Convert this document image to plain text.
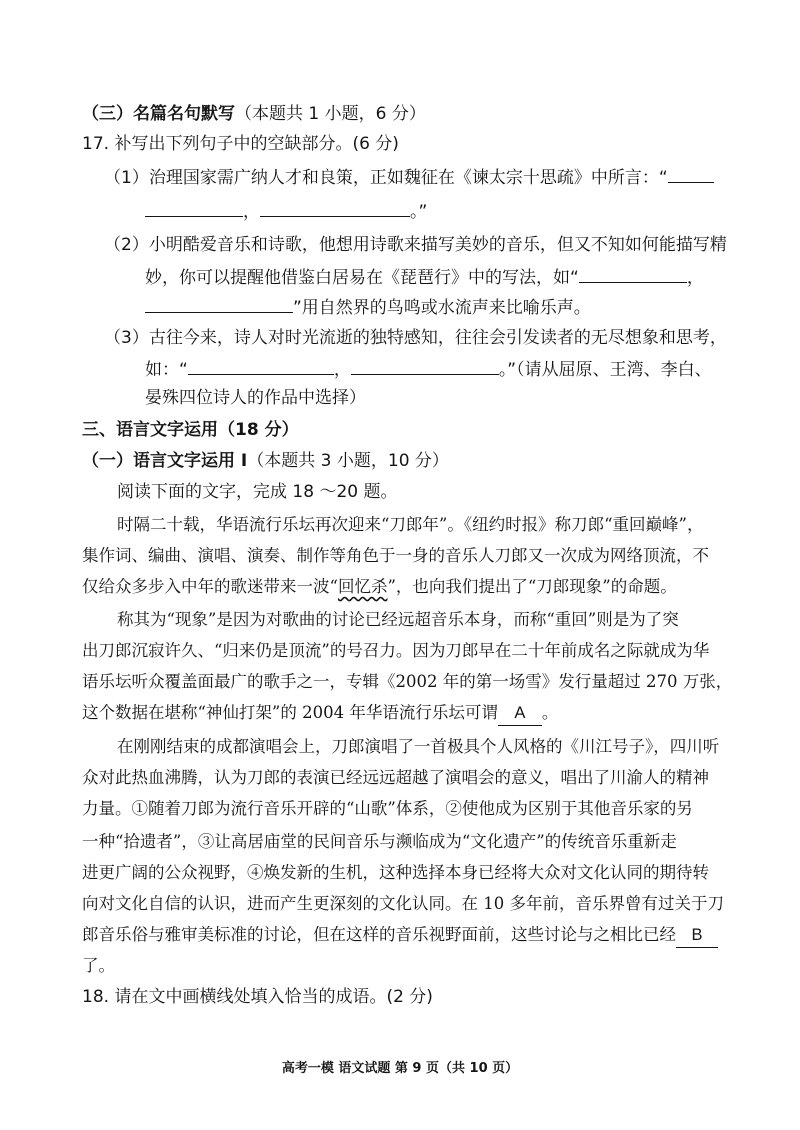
（三）名篇名句默写（本题共 1 小题，6 分）
17. 补写出下列句子中的空缺部分。(6 分)
（1）治理国家需广纳人才和良策，正如魏征在《谏太宗十思疏》中所言：“
，	。”
（2）小明酷爱音乐和诗歌，他想用诗歌来描写美妙的音乐，但又不知如何能描写精
妙，你可以提醒他借鉴白居易在《琵琶行》中的写法，如“	，
”用自然界的鸟鸣或水流声来比喻乐声。
（3）古往今来，诗人对时光流逝的独特感知，往往会引发读者的无尽想象和思考，
如：“	，	。”（请从屈原、王湾、李白、
晏殊四位诗人的作品中选择）
三、语言文字运用（18 分）
（一）语言文字运用 I（本题共 3 小题，10 分）
阅读下面的文字，完成 18 ～20 题。
时隔二十载，华语流行乐坛再次迎来“刀郎年”。《纽约时报》称刀郎“重回巅峰”，
集作词、编曲、演唱、演奏、制作等角色于一身的音乐人刀郎又一次成为网络顶流，不
仅给众多步入中年的歌迷带来一波“回忆杀”，也向我们提出了“刀郎现象”的命题。
称其为“现象”是因为对歌曲的讨论已经远超音乐本身，而称“重回”则是为了突
出刀郎沉寂许久、“归来仍是顶流”的号召力。因为刀郎早在二十年前成名之际就成为华
语乐坛听众覆盖面最广的歌手之一，专辑《2002 年的第一场雪》发行量超过 270 万张，
这个数据在堪称“神仙打架”的 2004 年华语流行乐坛可谓 A 。
在刚刚结束的成都演唱会上，刀郎演唱了一首极具个人风格的《川江号子》，四川听
众对此热血沸腾，认为刀郎的表演已经远远超越了演唱会的意义，唱出了川渝人的精神
力量。①随着刀郎为流行音乐开辟的“山歌”体系，②使他成为区别于其他音乐家的另
一种“拾遗者”，③让高居庙堂的民间音乐与濒临成为“文化遗产”的传统音乐重新走
进更广阔的公众视野，④焕发新的生机，这种选择本身已经将大众对文化认同的期待转
向对文化自信的认识，进而产生更深刻的文化认同。在 10 多年前，音乐界曾有过关于刀
郎音乐俗与雅审美标准的讨论，但在这样的音乐视野面前，这些讨论与之相比已经 B
了。
18. 请在文中画横线处填入恰当的成语。(2 分)
高考一模 语文试题 第 9 页（共 10 页）
